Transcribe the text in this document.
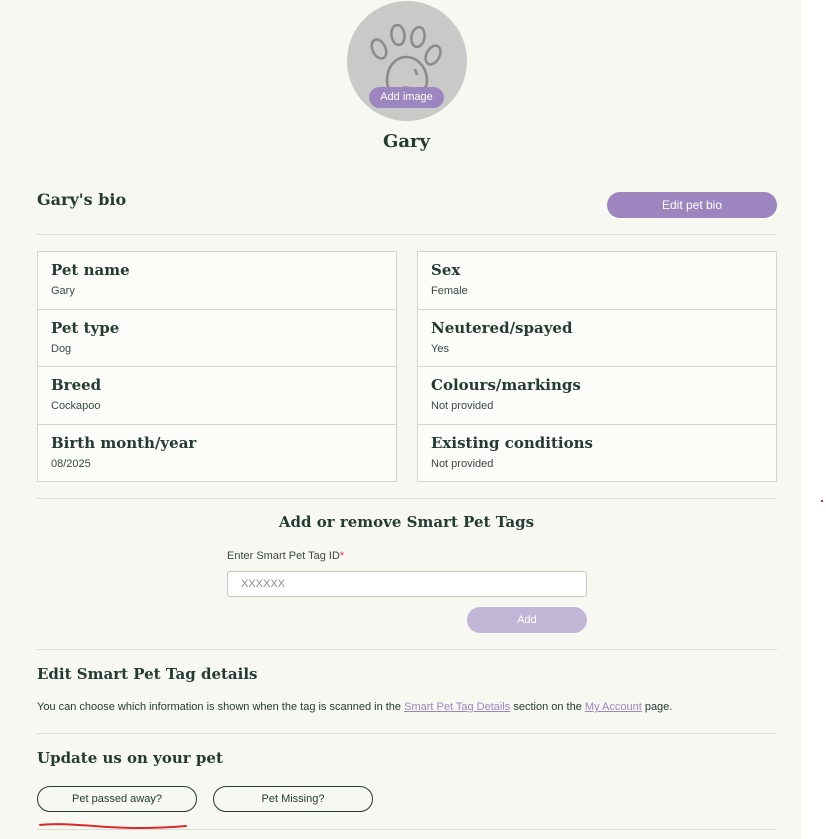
Add image
Gary
Gary's bio	Edit pet bio
Pet name
Gary
Pet type
Dog
Breed
Cockapoo
Birth month/year
08/2025
Sex
Female
Neutered/spayed
Yes
Colours/markings
Not provided
Existing conditions
Not provided
Add or remove Smart Pet Tags
Enter Smart Pet Tag ID*
XXXXXX
Add
Edit Smart Pet Tag details
You can choose which information is shown when the tag is scanned in the Smart Pet Tag Details section on the My Account page.
Update us on your pet
Pet passed away?	Pet Missing?
